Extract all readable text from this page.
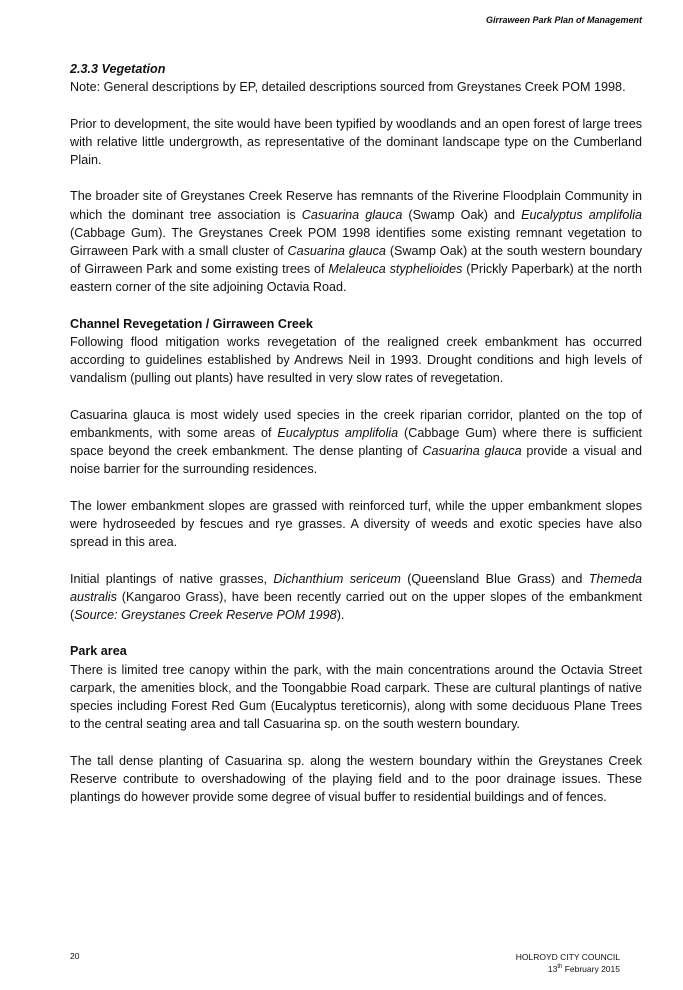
Girraween Park Plan of Management
2.3.3 Vegetation

Note: General descriptions by EP, detailed descriptions sourced from Greystanes Creek POM 1998.

Prior to development, the site would have been typified by woodlands and an open forest of large trees with relative little undergrowth, as representative of the dominant landscape type on the Cumberland Plain.

The broader site of Greystanes Creek Reserve has remnants of the Riverine Floodplain Community in which the dominant tree association is Casuarina glauca (Swamp Oak) and Eucalyptus amplifolia (Cabbage Gum). The Greystanes Creek POM 1998 identifies some existing remnant vegetation to Girraween Park with a small cluster of Casuarina glauca (Swamp Oak) at the south western boundary of Girraween Park and some existing trees of Melaleuca styphelioides (Prickly Paperbark) at the north eastern corner of the site adjoining Octavia Road.

Channel Revegetation / Girraween Creek

Following flood mitigation works revegetation of the realigned creek embankment has occurred according to guidelines established by Andrews Neil in 1993. Drought conditions and high levels of vandalism (pulling out plants) have resulted in very slow rates of revegetation.

Casuarina glauca is most widely used species in the creek riparian corridor, planted on the top of embankments, with some areas of Eucalyptus amplifolia (Cabbage Gum) where there is sufficient space beyond the creek embankment. The dense planting of Casuarina glauca provide a visual and noise barrier for the surrounding residences.

The lower embankment slopes are grassed with reinforced turf, while the upper embankment slopes were hydroseeded by fescues and rye grasses. A diversity of weeds and exotic species have also spread in this area.

Initial plantings of native grasses, Dichanthium sericeum (Queensland Blue Grass) and Themeda australis (Kangaroo Grass), have been recently carried out on the upper slopes of the embankment (Source: Greystanes Creek Reserve POM 1998).

Park area

There is limited tree canopy within the park, with the main concentrations around the Octavia Street carpark, the amenities block, and the Toongabbie Road carpark. These are cultural plantings of native species including Forest Red Gum (Eucalyptus tereticornis), along with some deciduous Plane Trees to the central seating area and tall Casuarina sp. on the south western boundary.

The tall dense planting of Casuarina sp. along the western boundary within the Greystanes Creek Reserve contribute to overshadowing of the playing field and to the poor drainage issues. These plantings do however provide some degree of visual buffer to residential buildings and of fences.

20	HOLROYD CITY COUNCIL
13th February 2015
